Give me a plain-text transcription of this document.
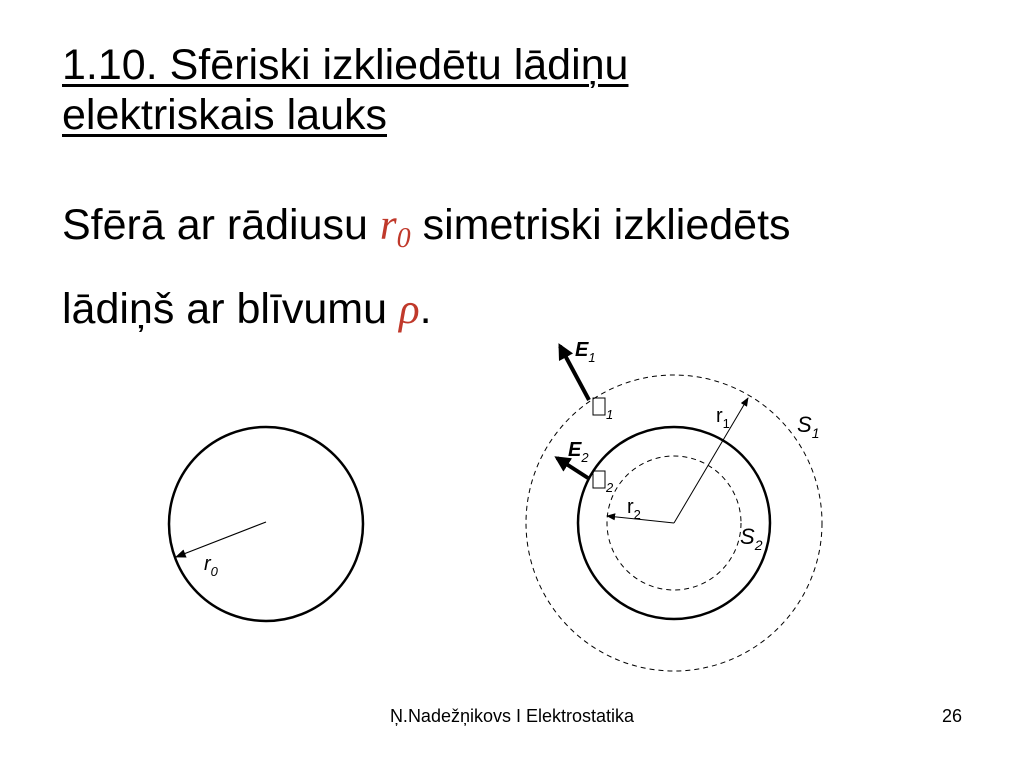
1.10. Sfēriski izkliedētu lādiņu
elektriskais lauks

Sfērā ar rādiusu $r_0$ simetriski izkliedēts
lādiņš ar blīvumu ρ.

$r_0$
$E_1$
$E_2$
1
2
$r_1$
$r_2$
$S_1$
$S_2$
Ņ.Nadežņikovs I Elektrostatika	26
